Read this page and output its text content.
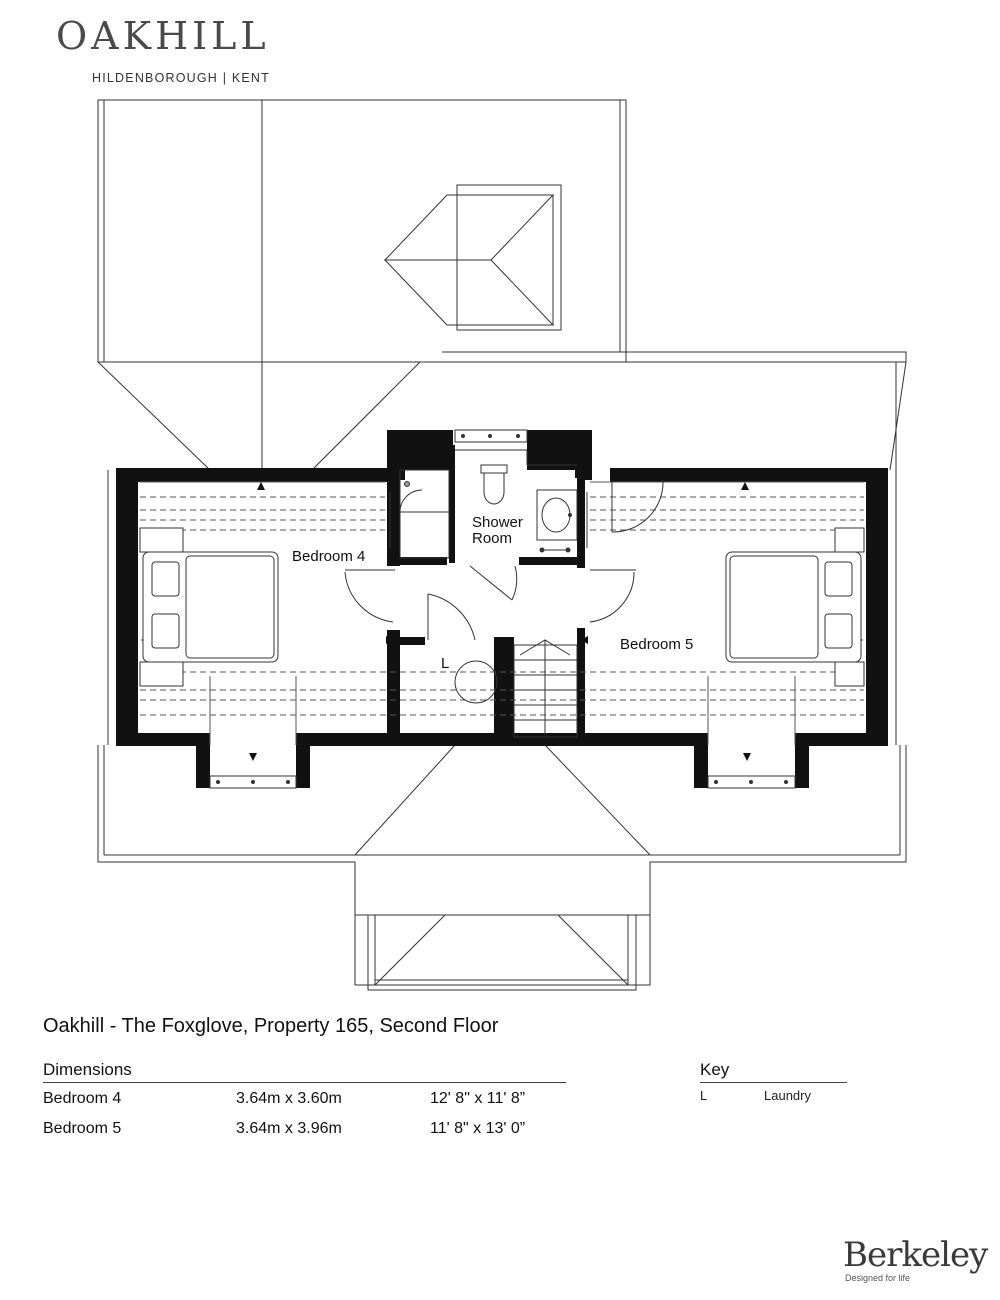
OAKHILL
HILDENBOROUGH | KENT
Bedroom 4
Bedroom 5
Shower
Room
L
Oakhill - The Foxglove, Property 165, Second Floor
Dimensions
Bedroom 4	3.64m x 3.60m	12' 8" x 11' 8”
Bedroom 5	3.64m x 3.96m	11' 8" x 13' 0”
Key
L	Laundry
Berkeley
Designed for life
